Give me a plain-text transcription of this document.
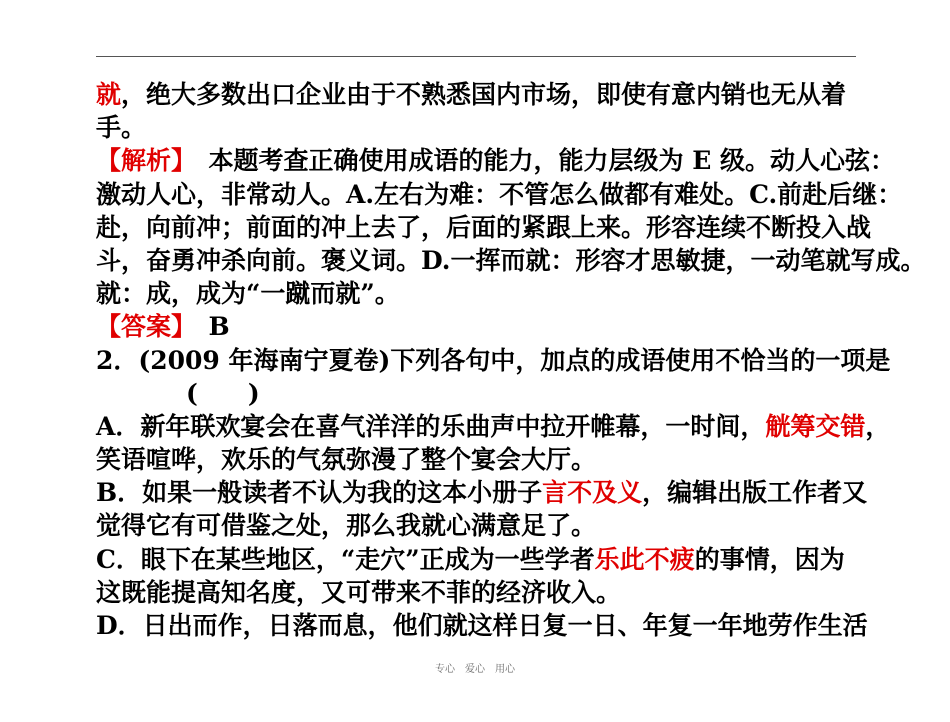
就，绝大多数出口企业由于不熟悉国内市场，即使有意内销也无从着
手。
【解析】　本题考查正确使用成语的能力，能力层级为 E 级。动人心弦：
激动人心，非常动人。A.左右为难：不管怎么做都有难处。C.前赴后继：
赴，向前冲；前面的冲上去了，后面的紧跟上来。形容连续不断投入战
斗，奋勇冲杀向前。褒义词。D.一挥而就：形容才思敏捷，一动笔就写成。
就：成，成为“一蹴而就”。
【答案】　B
2．(2009 年海南宁夏卷)下列各句中，加点的成语使用不恰当的一项是
(　　)
A．新年联欢宴会在喜气洋洋的乐曲声中拉开帷幕，一时间，觥筹交错，
笑语喧哗，欢乐的气氛弥漫了整个宴会大厅。
B．如果一般读者不认为我的这本小册子言不及义，编辑出版工作者又
觉得它有可借鉴之处，那么我就心满意足了。
C．眼下在某些地区，“走穴”正成为一些学者乐此不疲的事情，因为
这既能提高知名度，又可带来不菲的经济收入。
D．日出而作，日落而息，他们就这样日复一日、年复一年地劳作生活
专心　爱心　用心
